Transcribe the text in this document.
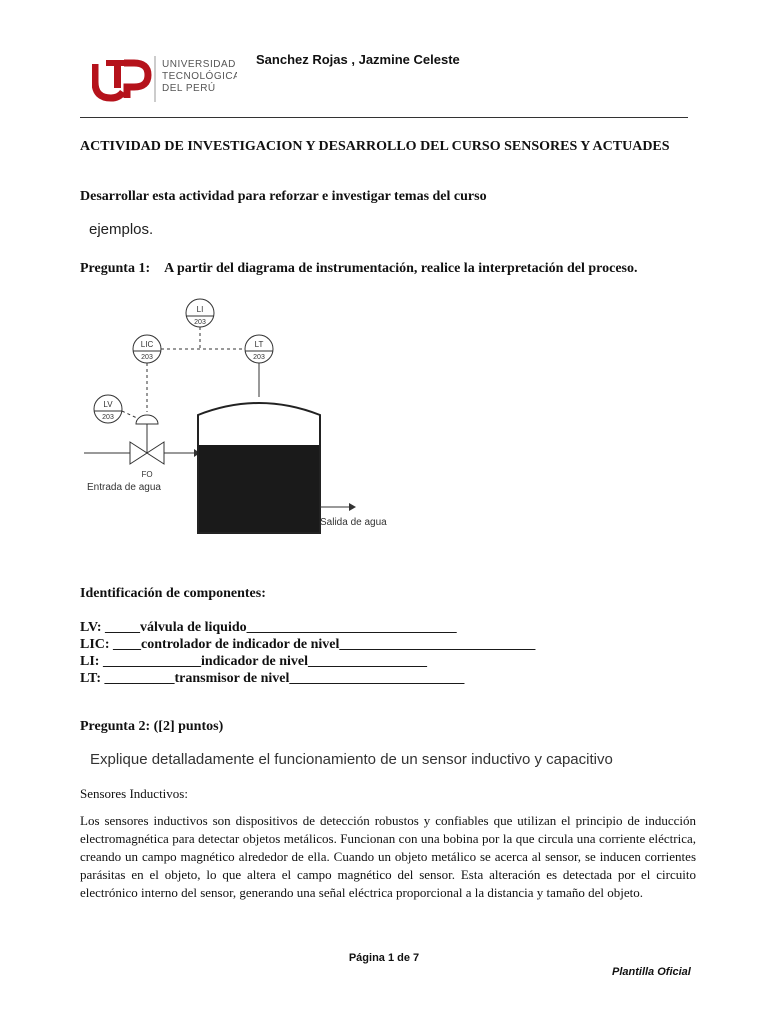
UNIVERSIDAD
TECNOLÓGICA
DEL PERÚ
Sanchez Rojas , Jazmine Celeste
ACTIVIDAD DE INVESTIGACION Y DESARROLLO DEL CURSO SENSORES Y ACTUADES
Desarrollar esta actividad para reforzar e investigar temas del curso
ejemplos.
Pregunta 1: A partir del diagrama de instrumentación, realice la interpretación del proceso.
LI
203
LIC
203
LT
203
LV
203
FO
Entrada de agua
Salida de agua
Identificación de componentes:
LV: _____válvula de liquido______________________________
LIC: ____controlador de indicador de nivel____________________________
LI: ______________indicador de nivel_________________
LT: __________transmisor de nivel_________________________
Pregunta 2: ([2] puntos)
Explique detalladamente el funcionamiento de un sensor inductivo y capacitivo
Sensores Inductivos:
Los sensores inductivos son dispositivos de detección robustos y confiables que utilizan el principio de inducción electromagnética para detectar objetos metálicos. Funcionan con una bobina por la que circula una corriente eléctrica, creando un campo magnético alrededor de ella. Cuando un objeto metálico se acerca al sensor, se inducen corrientes parásitas en el objeto, lo que altera el campo magnético del sensor. Esta alteración es detectada por el circuito electrónico interno del sensor, generando una señal eléctrica proporcional a la distancia y tamaño del objeto.
Página 1 de 7
Plantilla Oficial
